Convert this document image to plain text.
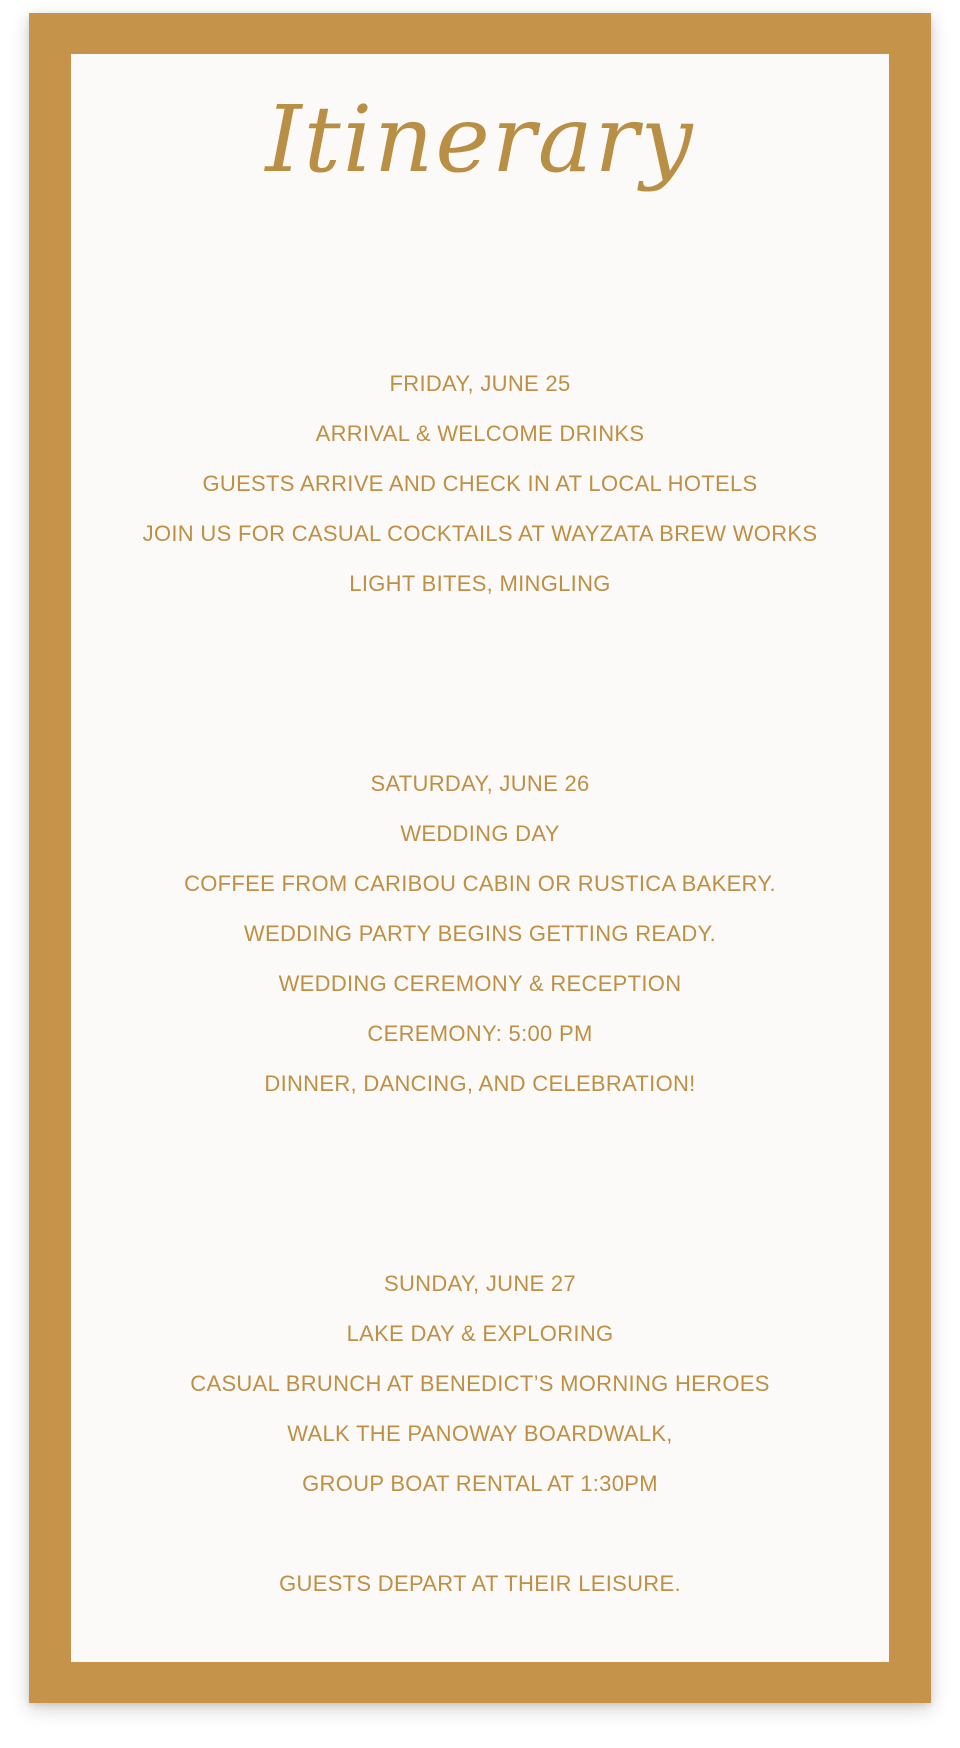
Itinerary
FRIDAY, JUNE 25
ARRIVAL & WELCOME DRINKS
GUESTS ARRIVE AND CHECK IN AT LOCAL HOTELS
JOIN US FOR CASUAL COCKTAILS AT WAYZATA BREW WORKS
LIGHT BITES, MINGLING
SATURDAY, JUNE 26
WEDDING DAY
COFFEE FROM CARIBOU CABIN OR RUSTICA BAKERY.
WEDDING PARTY BEGINS GETTING READY.
WEDDING CEREMONY & RECEPTION
CEREMONY: 5:00 PM
DINNER, DANCING, AND CELEBRATION!
SUNDAY, JUNE 27
LAKE DAY & EXPLORING
CASUAL BRUNCH AT BENEDICT’S MORNING HEROES
WALK THE PANOWAY BOARDWALK,
GROUP BOAT RENTAL AT 1:30PM
GUESTS DEPART AT THEIR LEISURE.
